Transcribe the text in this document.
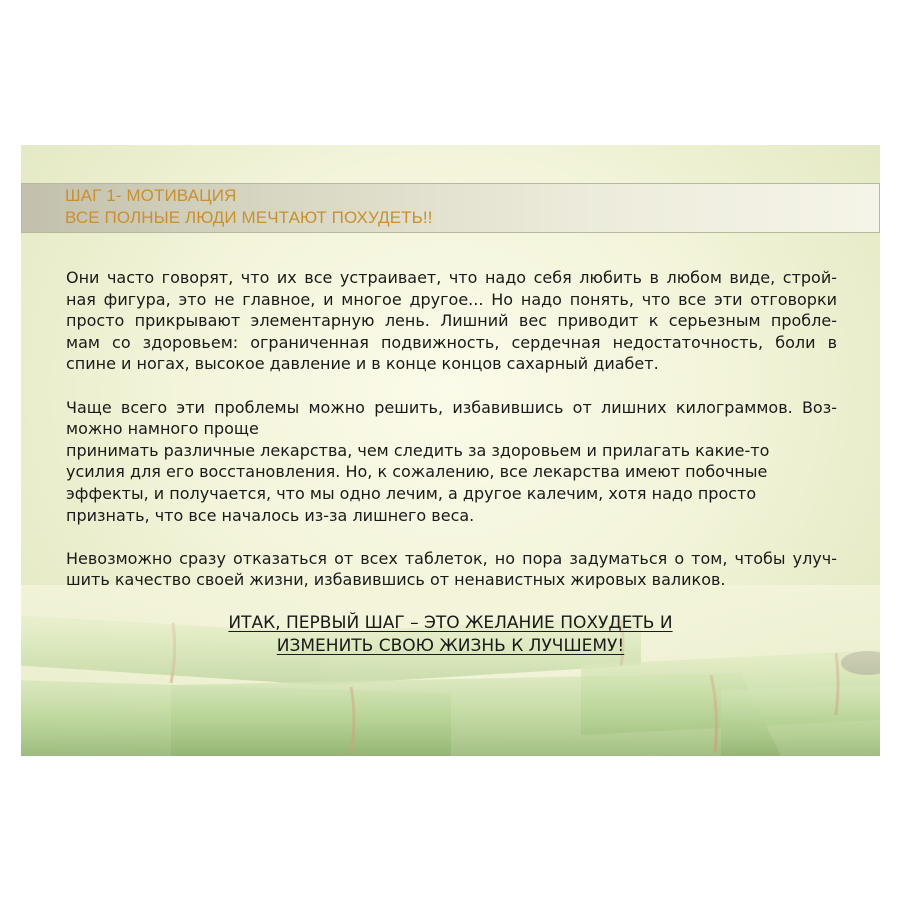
ШАГ 1- МОТИВАЦИЯ
ВСЕ ПОЛНЫЕ ЛЮДИ МЕЧТАЮТ ПОХУДЕТЬ!!
Они часто говорят, что их все устраивает, что надо себя любить в любом виде, строй-
ная фигура, это не главное, и многое другое... Но надо понять, что все эти отговорки
просто прикрывают элементарную лень. Лишний вес приводит к серьезным пробле-
мам со здоровьем: ограниченная подвижность, сердечная недостаточность, боли в
спине и ногах, высокое давление и в конце концов сахарный диабет.
Чаще всего эти проблемы можно решить, избавившись от лишних килограммов. Воз-
можно намного проще
принимать различные лекарства, чем следить за здоровьем и прилагать какие-то
усилия для его восстановления. Но, к сожалению, все лекарства имеют побочные
эффекты, и получается, что мы одно лечим, а другое калечим, хотя надо просто
признать, что все началось из-за лишнего веса.
Невозможно сразу отказаться от всех таблеток, но пора задуматься о том, чтобы улуч-
шить качество своей жизни, избавившись от ненавистных жировых валиков.
ИТАК, ПЕРВЫЙ ШАГ – ЭТО ЖЕЛАНИЕ ПОХУДЕТЬ И
ИЗМЕНИТЬ СВОЮ ЖИЗНЬ К ЛУЧШЕМУ!
